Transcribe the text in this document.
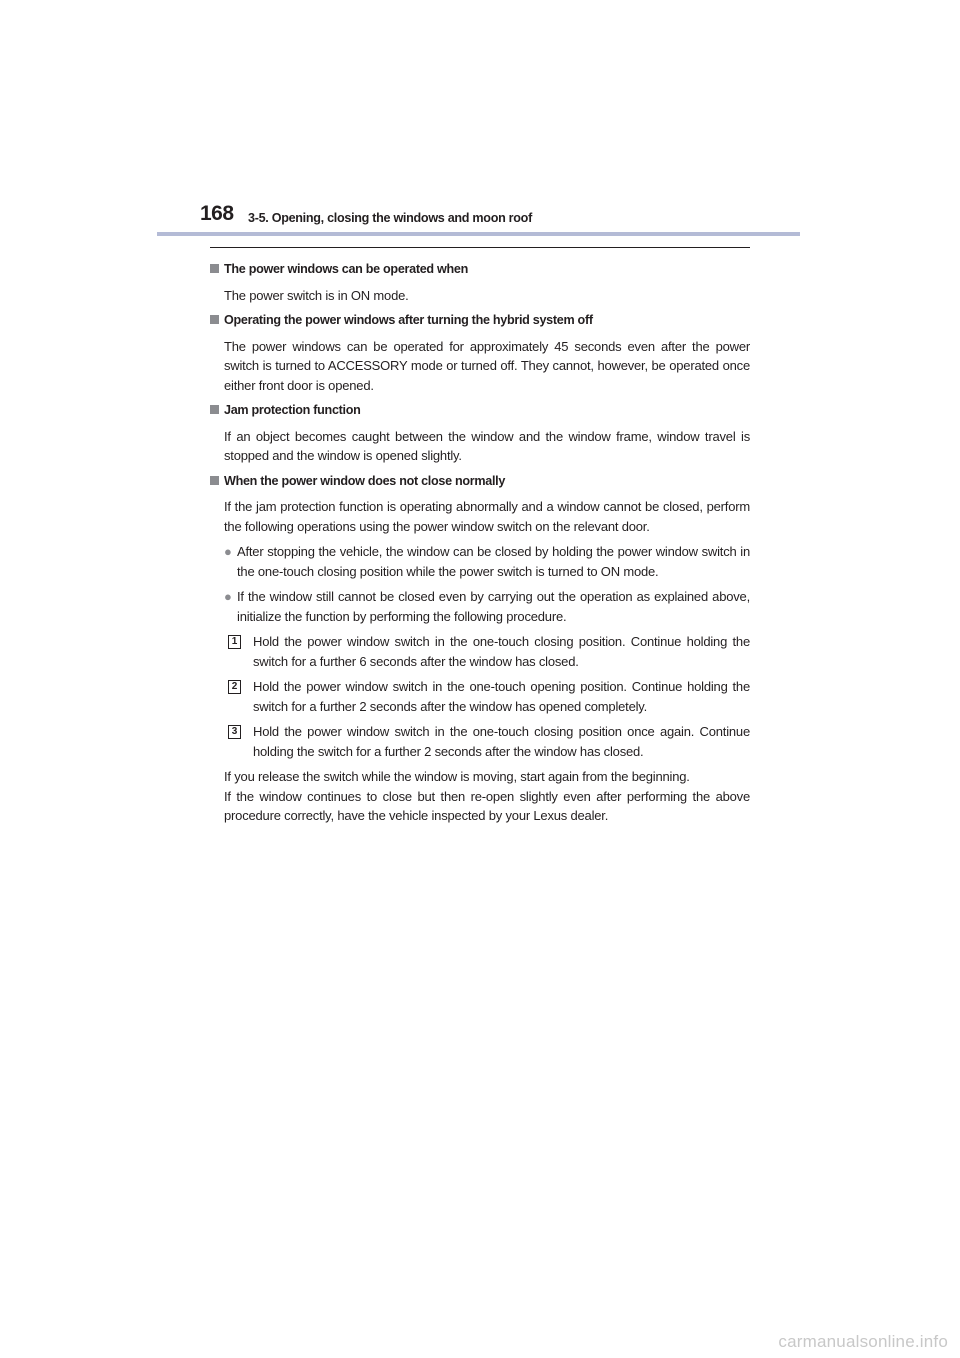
168 3-5. Opening, closing the windows and moon roof
The power windows can be operated when
The power switch is in ON mode.
Operating the power windows after turning the hybrid system off
The power windows can be operated for approximately 45 seconds even after the power switch is turned to ACCESSORY mode or turned off. They cannot, however, be operated once either front door is opened.
Jam protection function
If an object becomes caught between the window and the window frame, window travel is stopped and the window is opened slightly.
When the power window does not close normally
If the jam protection function is operating abnormally and a window cannot be closed, perform the following operations using the power window switch on the relevant door.
● After stopping the vehicle, the window can be closed by holding the power window switch in the one-touch closing position while the power switch is turned to ON mode.
● If the window still cannot be closed even by carrying out the operation as explained above, initialize the function by performing the following procedure.
1 Hold the power window switch in the one-touch closing position. Continue holding the switch for a further 6 seconds after the window has closed.
2 Hold the power window switch in the one-touch opening position. Continue holding the switch for a further 2 seconds after the window has opened completely.
3 Hold the power window switch in the one-touch closing position once again. Continue holding the switch for a further 2 seconds after the window has closed.
If you release the switch while the window is moving, start again from the beginning.
If the window continues to close but then re-open slightly even after performing the above procedure correctly, have the vehicle inspected by your Lexus dealer.
carmanualsonline.info
